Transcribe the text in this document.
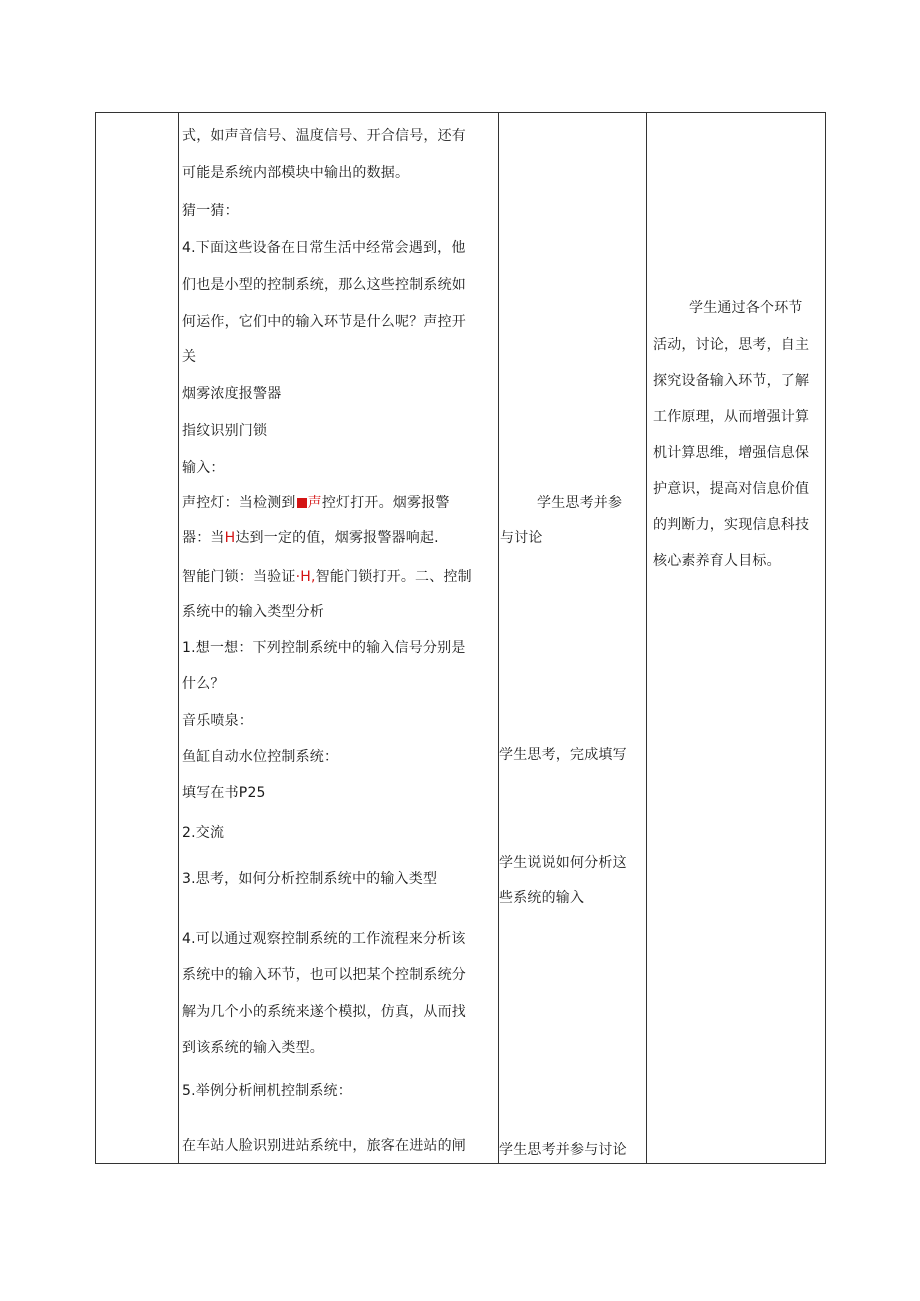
式，如声音信号、温度信号、开合信号，还有
可能是系统内部模块中输出的数据。
猜一猜：
4.下面这些设备在日常生活中经常会遇到，他
们也是小型的控制系统，那么这些控制系统如
何运作，它们中的输入环节是什么呢？声控开
关
烟雾浓度报警器
指纹识别门锁
输入：
声控灯：当检测到 声控灯打开。烟雾报警
器：当H达到一定的值，烟雾报警器响起.
智能门锁：当验证·H,智能门锁打开。二、控制
系统中的输入类型分析
1.想一想：下列控制系统中的输入信号分别是
什么？
音乐喷泉：
鱼缸自动水位控制系统：
填写在书P25
2.交流
3.思考，如何分析控制系统中的输入类型
4.可以通过观察控制系统的工作流程来分析该
系统中的输入环节，也可以把某个控制系统分
解为几个小的系统来遂个模拟，仿真，从而找
到该系统的输入类型。
5.举例分析闸机控制系统：
在车站人脸识别进站系统中，旅客在进站的闸
学生思考并参
与讨论
学生思考，完成填写
学生说说如何分析这
些系统的输入
学生思考并参与讨论
学生通过各个环节
活动，讨论，思考，自主
探究设备输入环节，了解
工作原理，从而增强计算
机计算思维，增强信息保
护意识，提高对信息价值
的判断力，实现信息科技
核心素养育人目标。
